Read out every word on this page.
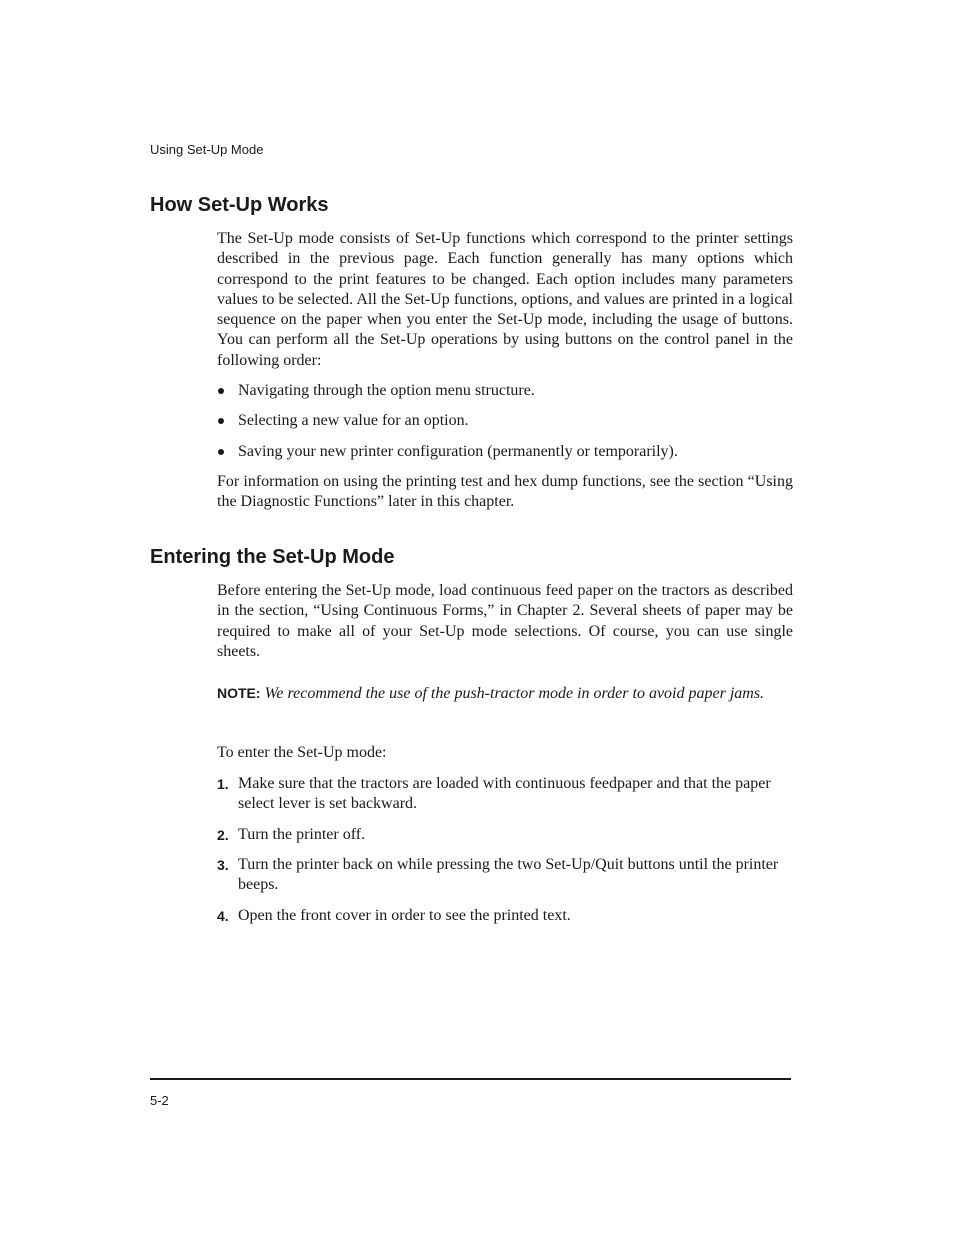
Using Set-Up Mode
How Set-Up Works

The Set-Up mode consists of Set-Up functions which correspond to the printer settings described in the previous page. Each function generally has many options which correspond to the print features to be changed. Each option includes many parameters values to be selected. All the Set-Up functions, options, and values are printed in a logical sequence on the paper when you enter the Set-Up mode, including the usage of buttons. You can perform all the Set-Up operations by using buttons on the control panel in the following order:

Navigating through the option menu structure.
Selecting a new value for an option.
Saving your new printer configuration (permanently or temporarily).

For information on using the printing test and hex dump functions, see the section “Using the Diagnostic Functions” later in this chapter.

Entering the Set-Up Mode

Before entering the Set-Up mode, load continuous feed paper on the tractors as described in the section, “Using Continuous Forms,” in Chapter 2. Several sheets of paper may be required to make all of your Set-Up mode selections. Of course, you can use single sheets.

NOTE: We recommend the use of the push-tractor mode in order to avoid paper jams.

To enter the Set-Up mode:

1. Make sure that the tractors are loaded with continuous feedpaper and that the paper select lever is set backward.
2. Turn the printer off.
3. Turn the printer back on while pressing the two Set-Up/Quit buttons until the printer beeps.
4. Open the front cover in order to see the printed text.
5-2
